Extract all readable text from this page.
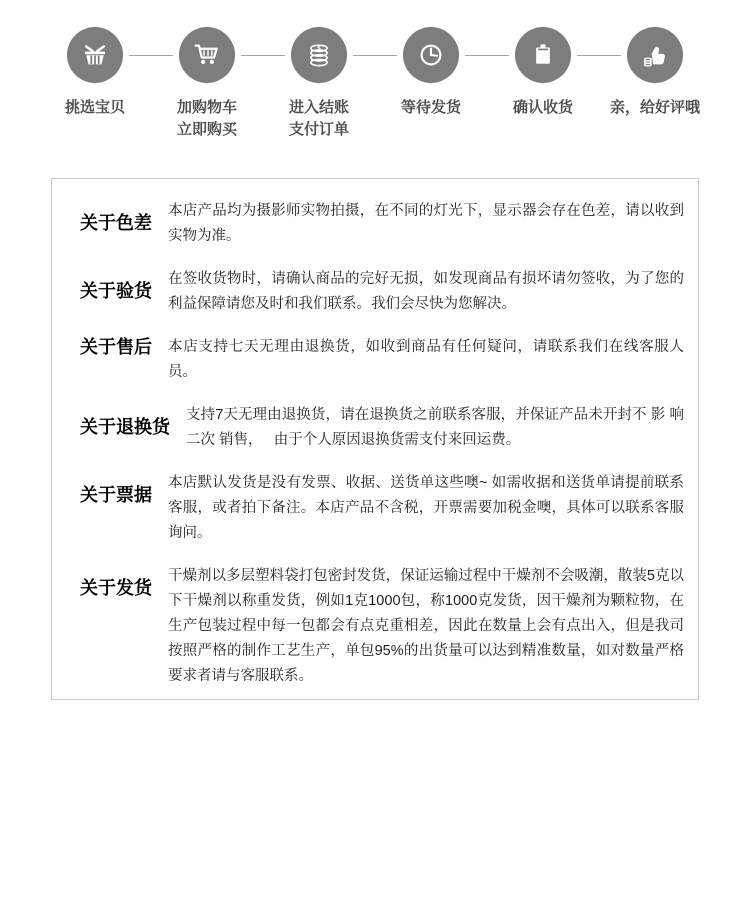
挑选宝贝	加购物车
立即购买
$
进入结账
支付订单
等待发货	确认收货	亲，给好评哦
关于色差
本店产品均为摄影师实物拍摄，在不同的灯光下，显示器会存在色差，请以收到实物为准。
关于验货
在签收货物时，请确认商品的完好无损，如发现商品有损坏请勿签收，为了您的利益保障请您及时和我们联系。我们会尽快为您解决。
关于售后 本店支持七天无理由退换货，如收到商品有任何疑问，请联系我们在线客服人员。
关于退换货
支持7天无理由退换货，请在退换货之前联系客服，并保证产品未开封不 影 响 二次 销售，　 由于个人原因退换货需支付来回运费。
关于票据
本店默认发货是没有发票、收据、送货单这些噢~ 如需收据和送货单请提前联系客服，或者拍下备注。本店产品不含税，开票需要加税金噢，具体可以联系客服询问。
关于发货
干燥剂以多层塑料袋打包密封发货，保证运输过程中干燥剂不会吸潮，散装5克以下干燥剂以称重发货，例如1克1000包，称1000克发货，因干燥剂为颗粒物，在生产包装过程中每一包都会有点克重相差，因此在数量上会有点出入，但是我司按照严格的制作工艺生产，单包95%的出货量可以达到精准数量，如对数量严格要求者请与客服联系。
